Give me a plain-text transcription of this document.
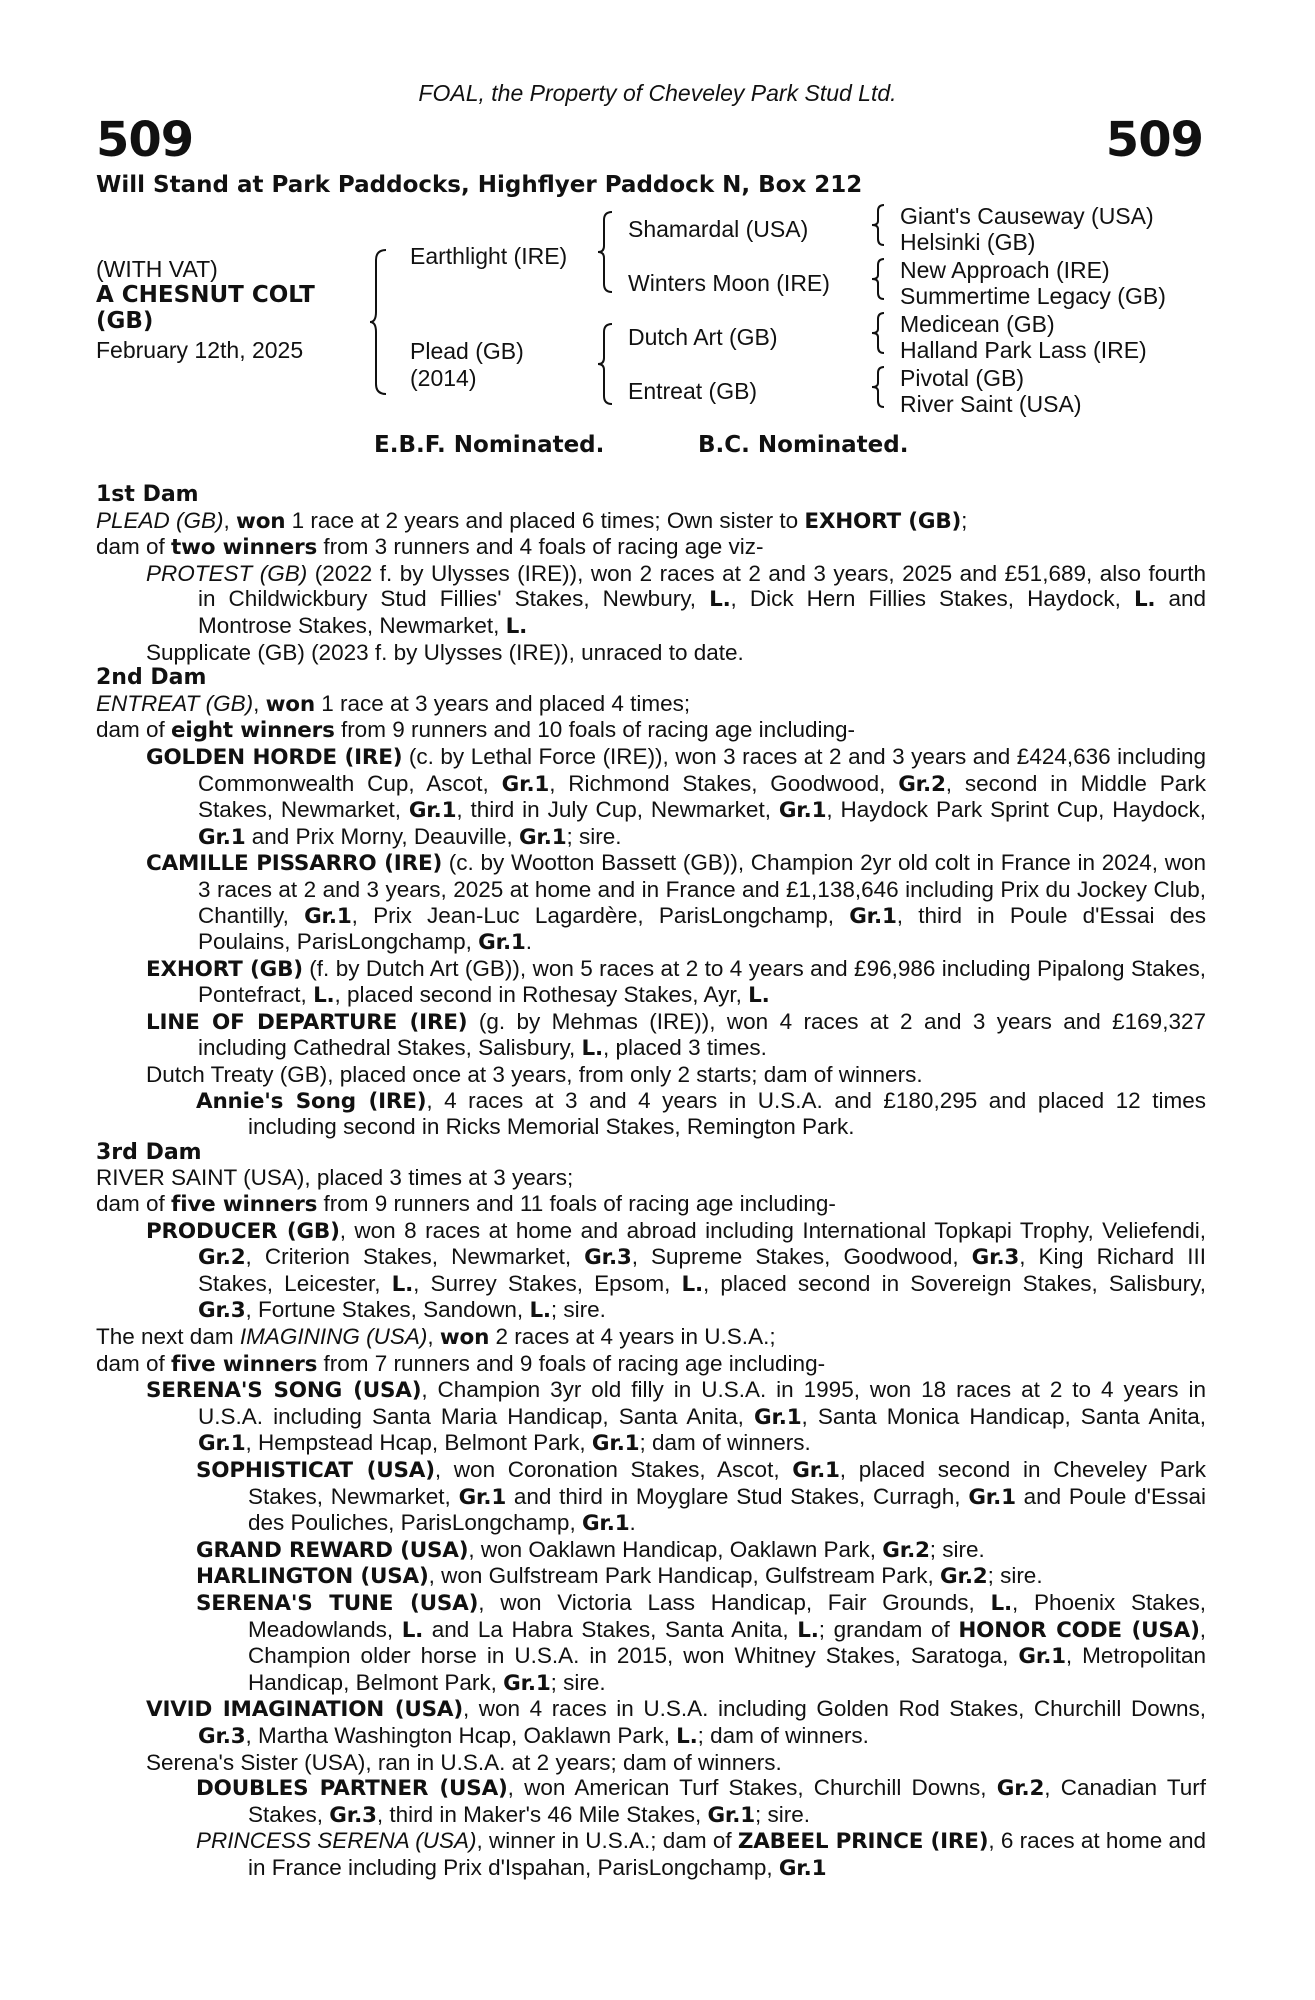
FOAL, the Property of Cheveley Park Stud Ltd.
509	509
Will Stand at Park Paddocks, Highflyer Paddock N, Box 212
(WITH VAT)
A CHESNUT COLT
(GB)
February 12th, 2025
Earthlight (IRE)
Plead (GB)
(2014)
Shamardal (USA)
Winters Moon (IRE)
Dutch Art (GB)
Entreat (GB)
Giant's Causeway (USA)
Helsinki (GB)
New Approach (IRE)
Summertime Legacy (GB)
Medicean (GB)
Halland Park Lass (IRE)
Pivotal (GB)
River Saint (USA)
E.B.F. Nominated.	B.C. Nominated.

1st Dam

PLEAD (GB), won 1 race at 2 years and placed 6 times; Own sister to EXHORT (GB);

dam of two winners from 3 runners and 4 foals of racing age viz-

PROTEST (GB) (2022 f. by Ulysses (IRE)), won 2 races at 2 and 3 years, 2025 and £51,689, also fourth in Childwickbury Stud Fillies' Stakes, Newbury, L., Dick Hern Fillies Stakes, Haydock, L. and Montrose Stakes, Newmarket, L.

Supplicate (GB) (2023 f. by Ulysses (IRE)), unraced to date.

2nd Dam

ENTREAT (GB), won 1 race at 3 years and placed 4 times;

dam of eight winners from 9 runners and 10 foals of racing age including-

GOLDEN HORDE (IRE) (c. by Lethal Force (IRE)), won 3 races at 2 and 3 years and £424,636 including Commonwealth Cup, Ascot, Gr.1, Richmond Stakes, Goodwood, Gr.2, second in Middle Park Stakes, Newmarket, Gr.1, third in July Cup, Newmarket, Gr.1, Haydock Park Sprint Cup, Haydock, Gr.1 and Prix Morny, Deauville, Gr.1; sire.

CAMILLE PISSARRO (IRE) (c. by Wootton Bassett (GB)), Champion 2yr old colt in France in 2024, won 3 races at 2 and 3 years, 2025 at home and in France and £1,138,646 including Prix du Jockey Club, Chantilly, Gr.1, Prix Jean-Luc Lagardère, ParisLongchamp, Gr.1, third in Poule d'Essai des Poulains, ParisLongchamp, Gr.1.

EXHORT (GB) (f. by Dutch Art (GB)), won 5 races at 2 to 4 years and £96,986 including Pipalong Stakes, Pontefract, L., placed second in Rothesay Stakes, Ayr, L.

LINE OF DEPARTURE (IRE) (g. by Mehmas (IRE)), won 4 races at 2 and 3 years and £169,327 including Cathedral Stakes, Salisbury, L., placed 3 times.

Dutch Treaty (GB), placed once at 3 years, from only 2 starts; dam of winners.

Annie's Song (IRE), 4 races at 3 and 4 years in U.S.A. and £180,295 and placed 12 times including second in Ricks Memorial Stakes, Remington Park.

3rd Dam

RIVER SAINT (USA), placed 3 times at 3 years;

dam of five winners from 9 runners and 11 foals of racing age including-

PRODUCER (GB), won 8 races at home and abroad including International Topkapi Trophy, Veliefendi, Gr.2, Criterion Stakes, Newmarket, Gr.3, Supreme Stakes, Goodwood, Gr.3, King Richard III Stakes, Leicester, L., Surrey Stakes, Epsom, L., placed second in Sovereign Stakes, Salisbury, Gr.3, Fortune Stakes, Sandown, L.; sire.

The next dam IMAGINING (USA), won 2 races at 4 years in U.S.A.;

dam of five winners from 7 runners and 9 foals of racing age including-

SERENA'S SONG (USA), Champion 3yr old filly in U.S.A. in 1995, won 18 races at 2 to 4 years in U.S.A. including Santa Maria Handicap, Santa Anita, Gr.1, Santa Monica Handicap, Santa Anita, Gr.1, Hempstead Hcap, Belmont Park, Gr.1; dam of winners.

SOPHISTICAT (USA), won Coronation Stakes, Ascot, Gr.1, placed second in Cheveley Park Stakes, Newmarket, Gr.1 and third in Moyglare Stud Stakes, Curragh, Gr.1 and Poule d'Essai des Pouliches, ParisLongchamp, Gr.1.

GRAND REWARD (USA), won Oaklawn Handicap, Oaklawn Park, Gr.2; sire.

HARLINGTON (USA), won Gulfstream Park Handicap, Gulfstream Park, Gr.2; sire.

SERENA'S TUNE (USA), won Victoria Lass Handicap, Fair Grounds, L., Phoenix Stakes, Meadowlands, L. and La Habra Stakes, Santa Anita, L.; grandam of HONOR CODE (USA), Champion older horse in U.S.A. in 2015, won Whitney Stakes, Saratoga, Gr.1, Metropolitan Handicap, Belmont Park, Gr.1; sire.

VIVID IMAGINATION (USA), won 4 races in U.S.A. including Golden Rod Stakes, Churchill Downs, Gr.3, Martha Washington Hcap, Oaklawn Park, L.; dam of winners.

Serena's Sister (USA), ran in U.S.A. at 2 years; dam of winners.

DOUBLES PARTNER (USA), won American Turf Stakes, Churchill Downs, Gr.2, Canadian Turf Stakes, Gr.3, third in Maker's 46 Mile Stakes, Gr.1; sire.

PRINCESS SERENA (USA), winner in U.S.A.; dam of ZABEEL PRINCE (IRE), 6 races at home and in France including Prix d'Ispahan, ParisLongchamp, Gr.1
